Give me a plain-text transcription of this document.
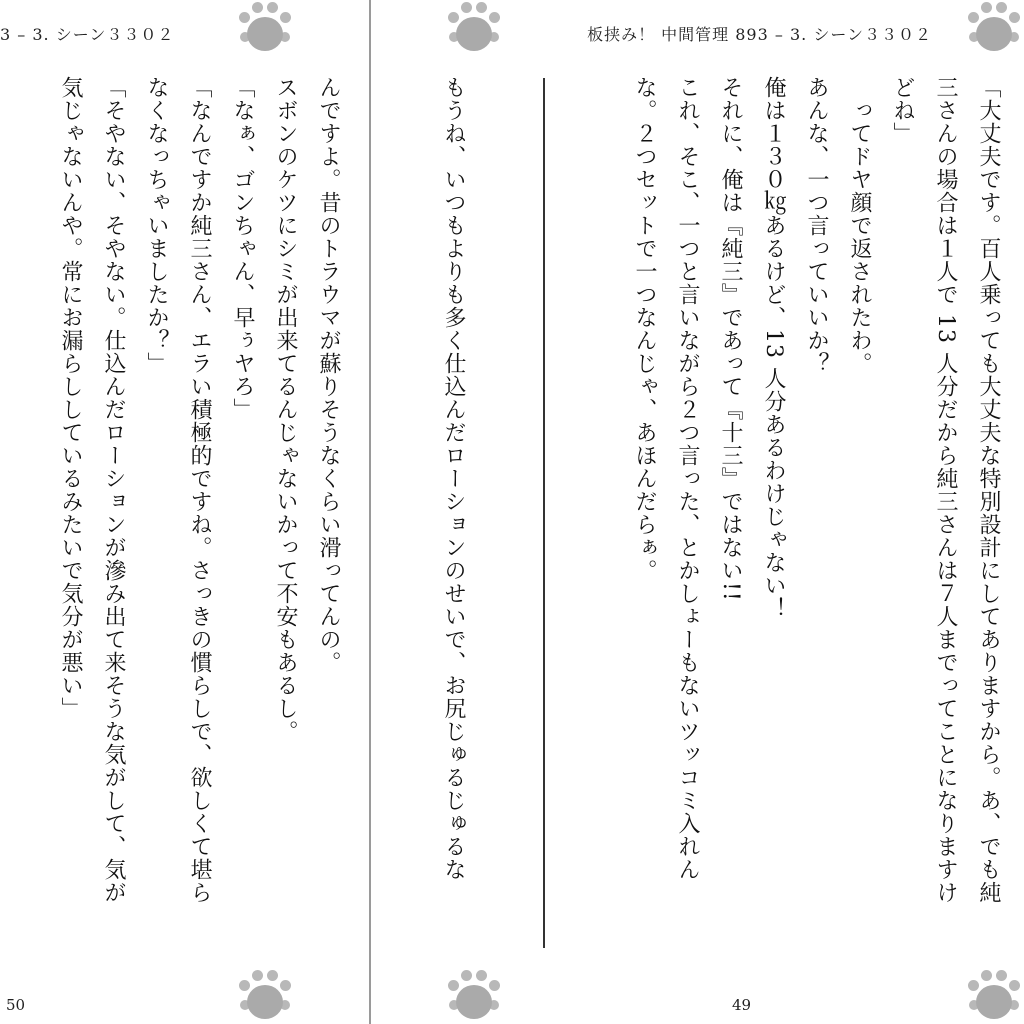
3 – 3. シーン３３０２
んですよ。昔のトラウマが蘇りそうなくらい滑ってんの。
スボンのケツにシミが出来てるんじゃないかって不安もあるし。
「なぁ、ゴンちゃん、早ぅヤろ」
「なんですか純三さん、エラい積極的ですね。さっきの慣らしで、欲しくて堪ら
なくなっちゃいましたか？」
「そやない、そやない。仕込んだローションが滲み出て来そうな気がして、気が
気じゃないんや。常にお漏らししているみたいで気分が悪い」
50
板挟み！ 中間管理 893 – 3. シーン３３０２
「大丈夫です。百人乗っても大丈夫な特別設計にしてありますから。あ、でも純
三さんの場合は１人で 13 人分だから純三さんは７人までってことになりますけ
どね」
　ってドヤ顔で返されたわ。
あんな、一つ言っていいか？
俺は１３０㎏あるけど、13 人分あるわけじゃない！
それに、俺は『純三』であって『十三』ではない!!
これ、そこ、一つと言いながら２つ言った、とかしょーもないツッコミ入れん
な。２つセットで一つなんじゃ、あほんだらぁ。
もうね、いつもよりも多く仕込んだローションのせいで、お尻じゅるじゅるな
49
